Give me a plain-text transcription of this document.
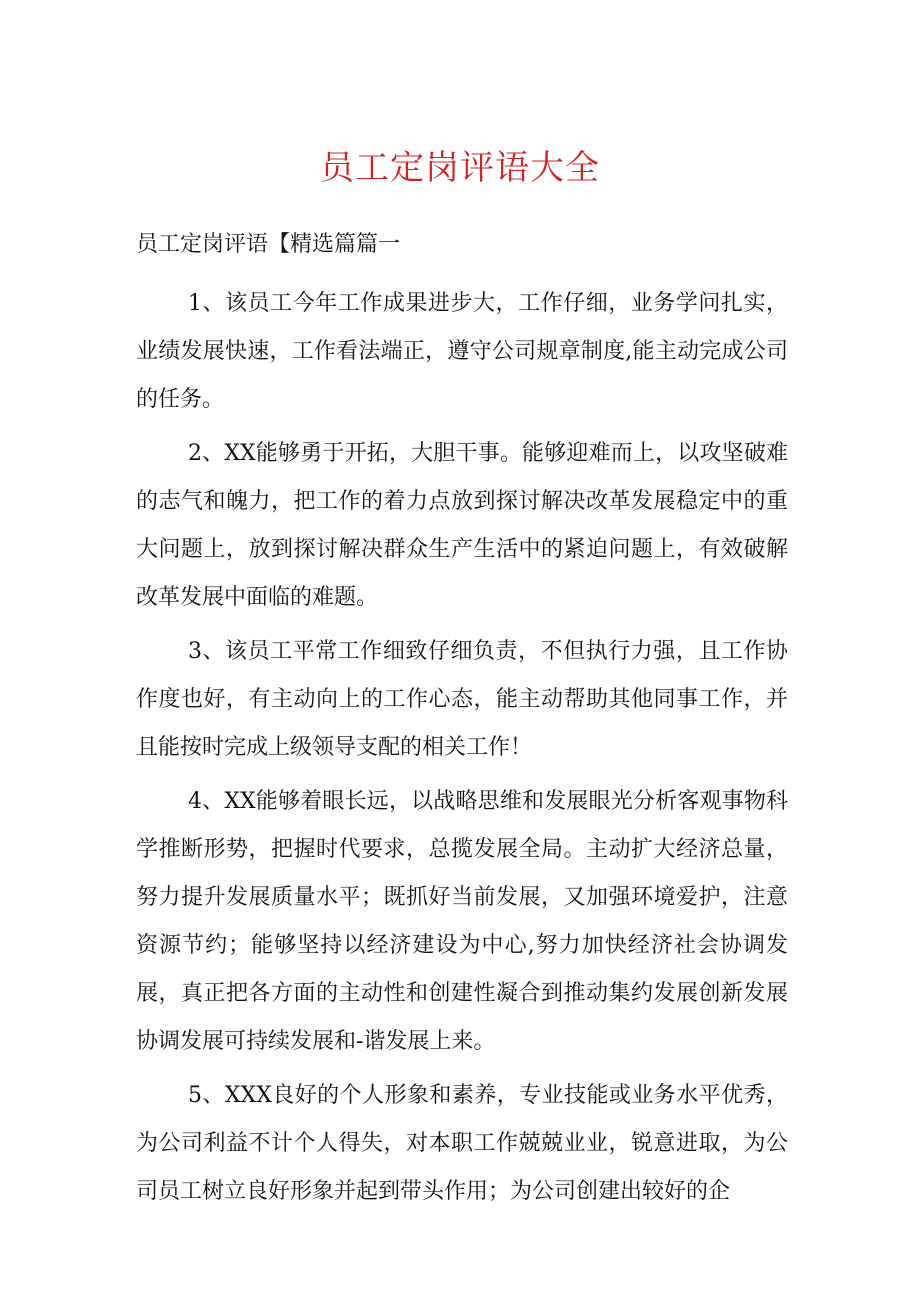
员工定岗评语大全
员工定岗评语【精选篇篇一

1、该员工今年工作成果进步大，工作仔细，业务学问扎实，业绩发展快速，工作看法端正，遵守公司规章制度,能主动完成公司的任务。

2、XX能够勇于开拓，大胆干事。能够迎难而上，以攻坚破难的志气和魄力，把工作的着力点放到探讨解决改革发展稳定中的重大问题上，放到探讨解决群众生产生活中的紧迫问题上，有效破解改革发展中面临的难题。

3、该员工平常工作细致仔细负责，不但执行力强，且工作协作度也好，有主动向上的工作心态，能主动帮助其他同事工作，并且能按时完成上级领导支配的相关工作！

4、XX能够着眼长远，以战略思维和发展眼光分析客观事物科学推断形势，把握时代要求，总揽发展全局。主动扩大经济总量，努力提升发展质量水平；既抓好当前发展，又加强环境爱护，注意资源节约；能够坚持以经济建设为中心,努力加快经济社会协调发展，真正把各方面的主动性和创建性凝合到推动集约发展创新发展协调发展可持续发展和-谐发展上来。

5、XXX良好的个人形象和素养，专业技能或业务水平优秀，为公司利益不计个人得失，对本职工作兢兢业业，锐意进取，为公司员工树立良好形象并起到带头作用；为公司创建出较好的企
